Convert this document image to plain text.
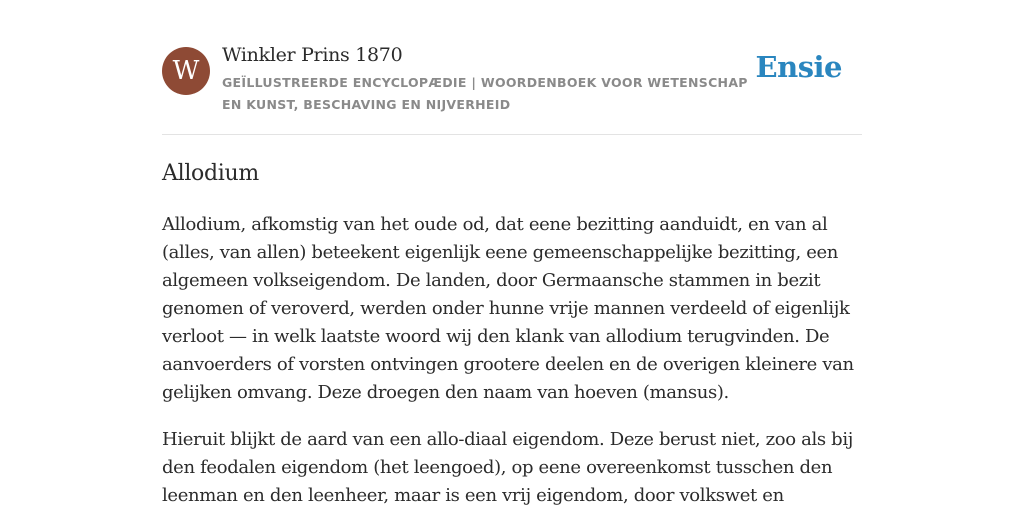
W
Winkler Prins 1870
GEÏLLUSTREERDE ENCYCLOPÆDIE | WOORDENBOEK VOOR WETENSCHAP EN KUNST, BESCHAVING EN NIJVERHEID
Ensie
Allodium

Allodium, afkomstig van het oude od, dat eene bezitting aanduidt, en van al (alles, van allen) beteekent eigenlijk eene gemeenschappelijke bezitting, een algemeen volkseigendom. De landen, door Germaansche stammen in bezit genomen of veroverd, werden onder hunne vrije mannen verdeeld of eigenlijk verloot — in welk laatste woord wij den klank van allodium terugvinden. De aanvoerders of vorsten ontvingen grootere deelen en de overigen kleinere van gelijken omvang. Deze droegen den naam van hoeven (mansus).

Hieruit blijkt de aard van een allo-diaal eigendom. Deze berust niet, zoo als bij den feodalen eigendom (het leengoed), op eene overeenkomst tusschen den leenman en den leenheer, maar is een vrij eigendom, door volkswet en
